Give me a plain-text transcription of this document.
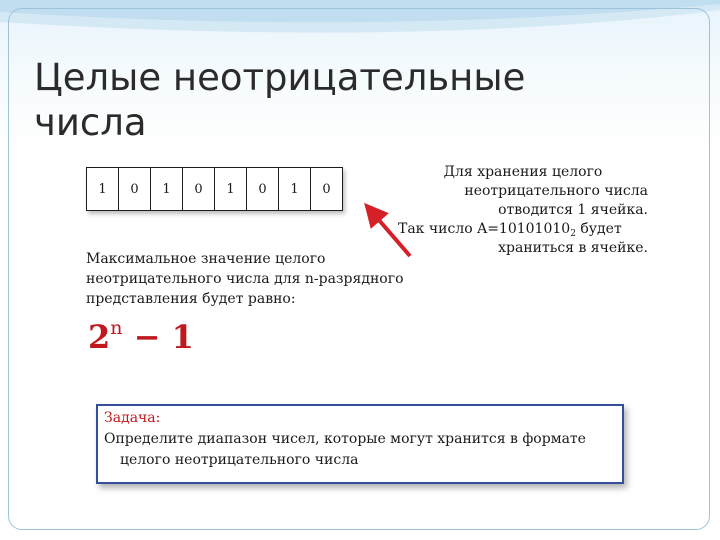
Целые неотрицательные числа
1	0	1	0	1	0	1	0
Для хранения целого
неотрицательного числа
отводится 1 ячейка.
Так число $A=10101010_2$ будет
храниться в ячейке.
Максимальное значение целого неотрицательного числа для n-разрядного представления будет равно:
$2^n - 1$
Задача:
Определите диапазон чисел, которые могут хранится в формате целого неотрицательного числа
